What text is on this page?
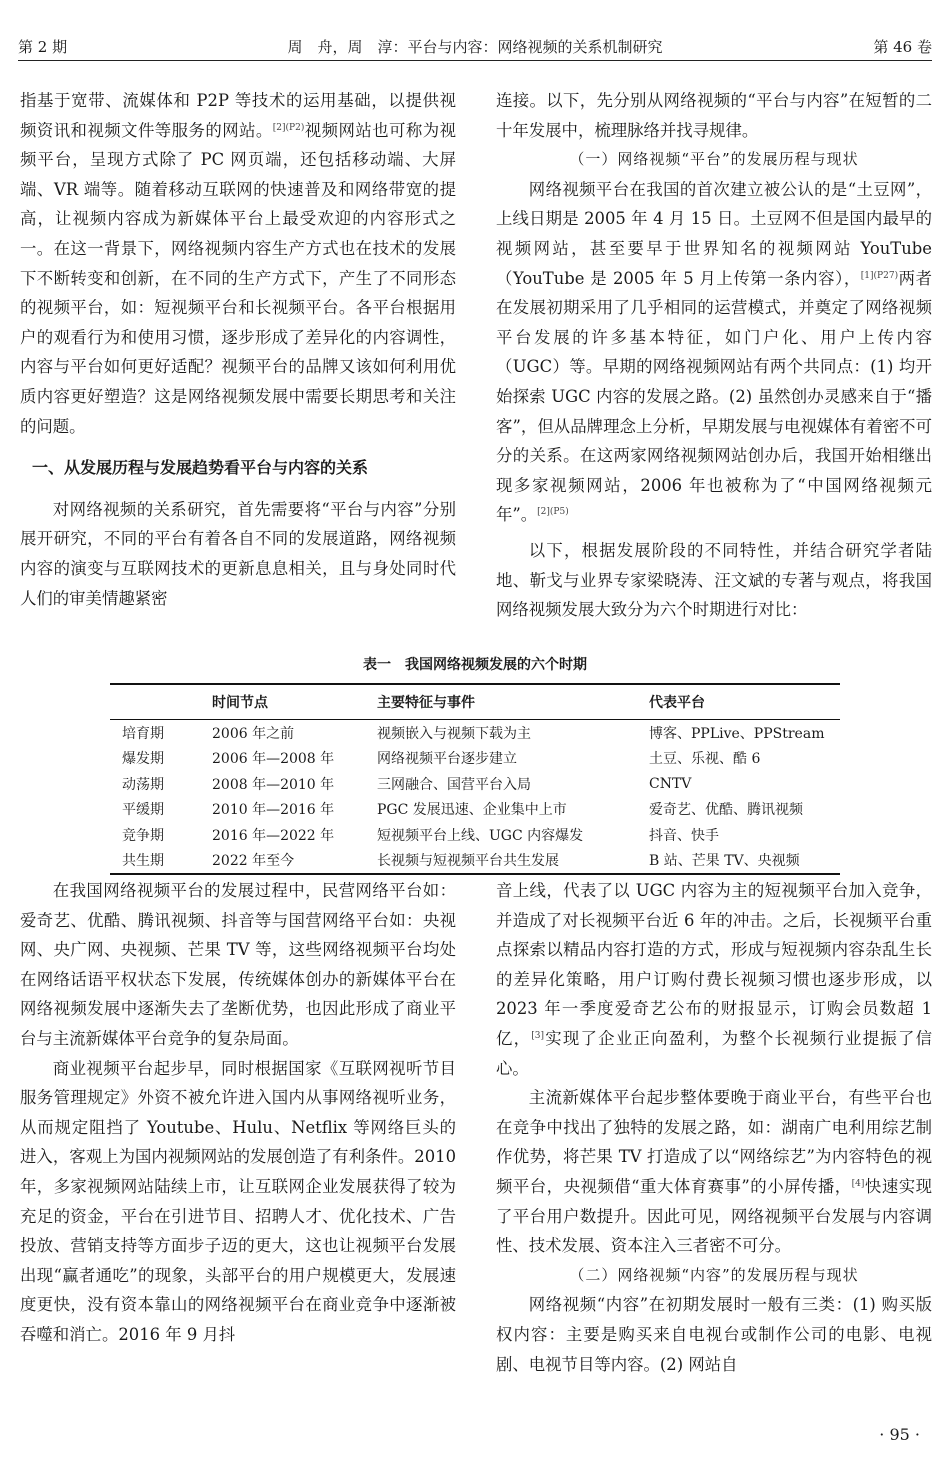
第 2 期	周　舟，周　淳：平台与内容：网络视频的关系机制研究	第 46 卷

指基于宽带、流媒体和 P2P 等技术的运用基础，以提供视频资讯和视频文件等服务的网站。$^{[2](P2)}$视频网站也可称为视频平台，呈现方式除了 PC 网页端，还包括移动端、大屏端、VR 端等。随着移动互联网的快速普及和网络带宽的提高，让视频内容成为新媒体平台上最受欢迎的内容形式之一。在这一背景下，网络视频内容生产方式也在技术的发展下不断转变和创新，在不同的生产方式下，产生了不同形态的视频平台，如：短视频平台和长视频平台。各平台根据用户的观看行为和使用习惯，逐步形成了差异化的内容调性，内容与平台如何更好适配？视频平台的品牌又该如何利用优质内容更好塑造？这是网络视频发展中需要长期思考和关注的问题。

一、从发展历程与发展趋势看平台与内容的关系

对网络视频的关系研究，首先需要将“平台与内容”分别展开研究，不同的平台有着各自不同的发展道路，网络视频内容的演变与互联网技术的更新息息相关，且与身处同时代人们的审美情趣紧密

连接。以下，先分别从网络视频的“平台与内容”在短暂的二十年发展中，梳理脉络并找寻规律。

（一）网络视频“平台”的发展历程与现状

网络视频平台在我国的首次建立被公认的是“土豆网”，上线日期是 2005 年 4 月 15 日。土豆网不但是国内最早的视频网站，甚至要早于世界知名的视频网站 YouTube（YouTube 是 2005 年 5 月上传第一条内容），$^{[1](P27)}$两者在发展初期采用了几乎相同的运营模式，并奠定了网络视频平台发展的许多基本特征，如门户化、用户上传内容（UGC）等。早期的网络视频网站有两个共同点：(1) 均开始探索 UGC 内容的发展之路。(2) 虽然创办灵感来自于“播客”，但从品牌理念上分析，早期发展与电视媒体有着密不可分的关系。在这两家网络视频网站创办后，我国开始相继出现多家视频网站，2006 年也被称为了“中国网络视频元年”。$^{[2](P5)}$

以下，根据发展阶段的不同特性，并结合研究学者陆地、靳戈与业界专家梁晓涛、汪文斌的专著与观点，将我国网络视频发展大致分为六个时期进行对比：

表一　我国网络视频发展的六个时期
	时间节点	主要特征与事件	代表平台
培育期	2006 年之前	视频嵌入与视频下载为主	博客、PPLive、PPStream
爆发期	2006 年—2008 年	网络视频平台逐步建立	土豆、乐视、酷 6
动荡期	2008 年—2010 年	三网融合、国营平台入局	CNTV
平缓期	2010 年—2016 年	PGC 发展迅速、企业集中上市	爱奇艺、优酷、腾讯视频
竞争期	2016 年—2022 年	短视频平台上线、UGC 内容爆发	抖音、快手
共生期	2022 年至今	长视频与短视频平台共生发展	B 站、芒果 TV、央视频

在我国网络视频平台的发展过程中，民营网络平台如：爱奇艺、优酷、腾讯视频、抖音等与国营网络平台如：央视网、央广网、央视频、芒果 TV 等，这些网络视频平台均处在网络话语平权状态下发展，传统媒体创办的新媒体平台在网络视频发展中逐渐失去了垄断优势，也因此形成了商业平台与主流新媒体平台竞争的复杂局面。

商业视频平台起步早，同时根据国家《互联网视听节目服务管理规定》外资不被允许进入国内从事网络视听业务，从而规定阻挡了 Youtube、Hulu、Netflix 等网络巨头的进入，客观上为国内视频网站的发展创造了有利条件。2010 年，多家视频网站陆续上市，让互联网企业发展获得了较为充足的资金，平台在引进节目、招聘人才、优化技术、广告投放、营销支持等方面步子迈的更大，这也让视频平台发展出现“赢者通吃”的现象，头部平台的用户规模更大，发展速度更快，没有资本靠山的网络视频平台在商业竞争中逐渐被吞噬和消亡。2016 年 9 月抖

音上线，代表了以 UGC 内容为主的短视频平台加入竞争，并造成了对长视频平台近 6 年的冲击。之后，长视频平台重点探索以精品内容打造的方式，形成与短视频内容杂乱生长的差异化策略，用户订购付费长视频习惯也逐步形成，以 2023 年一季度爱奇艺公布的财报显示，订购会员数超 1 亿，[3]实现了企业正向盈利，为整个长视频行业提振了信心。

主流新媒体平台起步整体要晚于商业平台，有些平台也在竞争中找出了独特的发展之路，如：湖南广电利用综艺制作优势，将芒果 TV 打造成了以“网络综艺”为内容特色的视频平台，央视频借“重大体育赛事”的小屏传播，[4]快速实现了平台用户数提升。因此可见，网络视频平台发展与内容调性、技术发展、资本注入三者密不可分。

（二）网络视频“内容”的发展历程与现状

网络视频“内容”在初期发展时一般有三类：(1) 购买版权内容：主要是购买来自电视台或制作公司的电影、电视剧、电视节目等内容。(2) 网站自

· 95 ·
